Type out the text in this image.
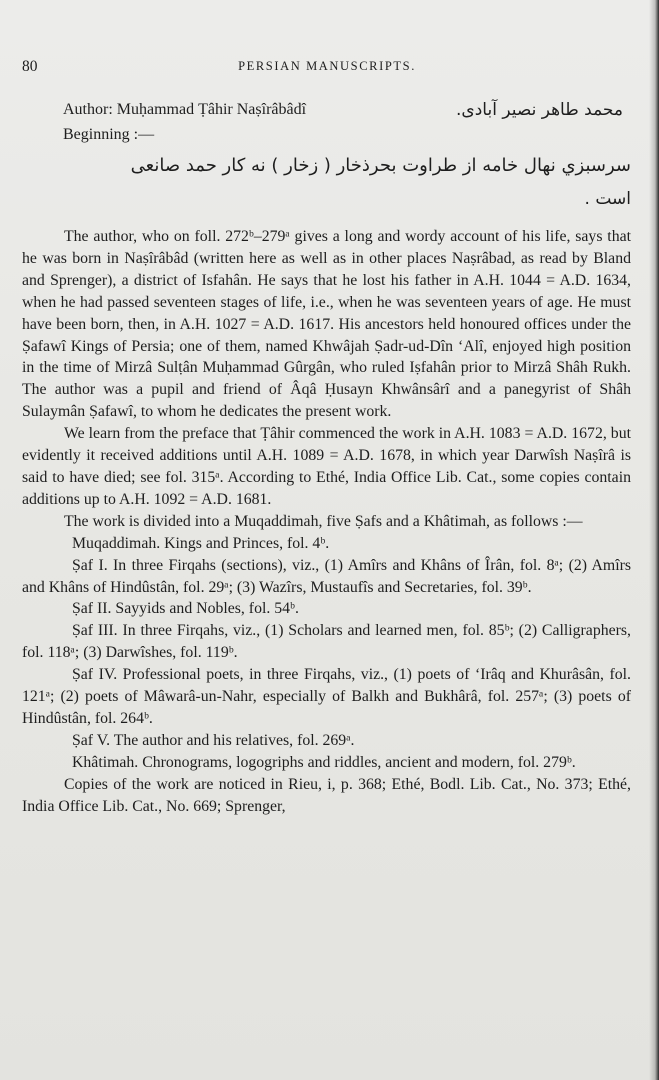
80	PERSIAN MANUSCRIPTS.
Author: Muḥammad Ṭâhir Naṣîrâbâdî	محمد طاهر نصير آبادى.
Beginning :—
سرسبزي نهال خامه از طراوت بحرذخار ( زخار ) نه كار حمد صانعى
است .

The author, who on foll. 272ᵇ–279ᵃ gives a long and wordy account of his life, says that he was born in Naṣîrâbâd (written here as well as in other places Naṣrâbad, as read by Bland and Sprenger), a district of Isfahân. He says that he lost his father in A.H. 1044 = A.D. 1634, when he had passed seventeen stages of life, i.e., when he was seventeen years of age. He must have been born, then, in A.H. 1027 = A.D. 1617. His ancestors held honoured offices under the Ṣafawî Kings of Persia; one of them, named Khwâjah Ṣadr-ud-Dîn ‘Alî, enjoyed high position in the time of Mirzâ Sulṭân Muḥammad Gûrgân, who ruled Iṣfahân prior to Mirzâ Shâh Rukh. The author was a pupil and friend of Âqâ Ḥusayn Khwânsârî and a panegyrist of Shâh Sulaymân Ṣafawî, to whom he dedicates the present work.

We learn from the preface that Ṭâhir commenced the work in A.H. 1083 = A.D. 1672, but evidently it received additions until A.H. 1089 = A.D. 1678, in which year Darwîsh Naṣîrâ is said to have died; see fol. 315ᵃ. According to Ethé, India Office Lib. Cat., some copies contain additions up to A.H. 1092 = A.D. 1681.

The work is divided into a Muqaddimah, five Ṣafs and a Khâtimah, as follows :—

Muqaddimah. Kings and Princes, fol. 4ᵇ.

Ṣaf I. In three Firqahs (sections), viz., (1) Amîrs and Khâns of Îrân, fol. 8ᵃ; (2) Amîrs and Khâns of Hindûstân, fol. 29ᵃ; (3) Wazîrs, Mustaufîs and Secretaries, fol. 39ᵇ.

Ṣaf II. Sayyids and Nobles, fol. 54ᵇ.

Ṣaf III. In three Firqahs, viz., (1) Scholars and learned men, fol. 85ᵇ; (2) Calligraphers, fol. 118ᵃ; (3) Darwîshes, fol. 119ᵇ.

Ṣaf IV. Professional poets, in three Firqahs, viz., (1) poets of ‘Irâq and Khurâsân, fol. 121ᵃ; (2) poets of Mâwarâ-un-Nahr, especially of Balkh and Bukhârâ, fol. 257ᵃ; (3) poets of Hindûstân, fol. 264ᵇ.

Ṣaf V. The author and his relatives, fol. 269ᵃ.

Khâtimah. Chronograms, logogriphs and riddles, ancient and modern, fol. 279ᵇ.

Copies of the work are noticed in Rieu, i, p. 368; Ethé, Bodl. Lib. Cat., No. 373; Ethé, India Office Lib. Cat., No. 669; Sprenger,
